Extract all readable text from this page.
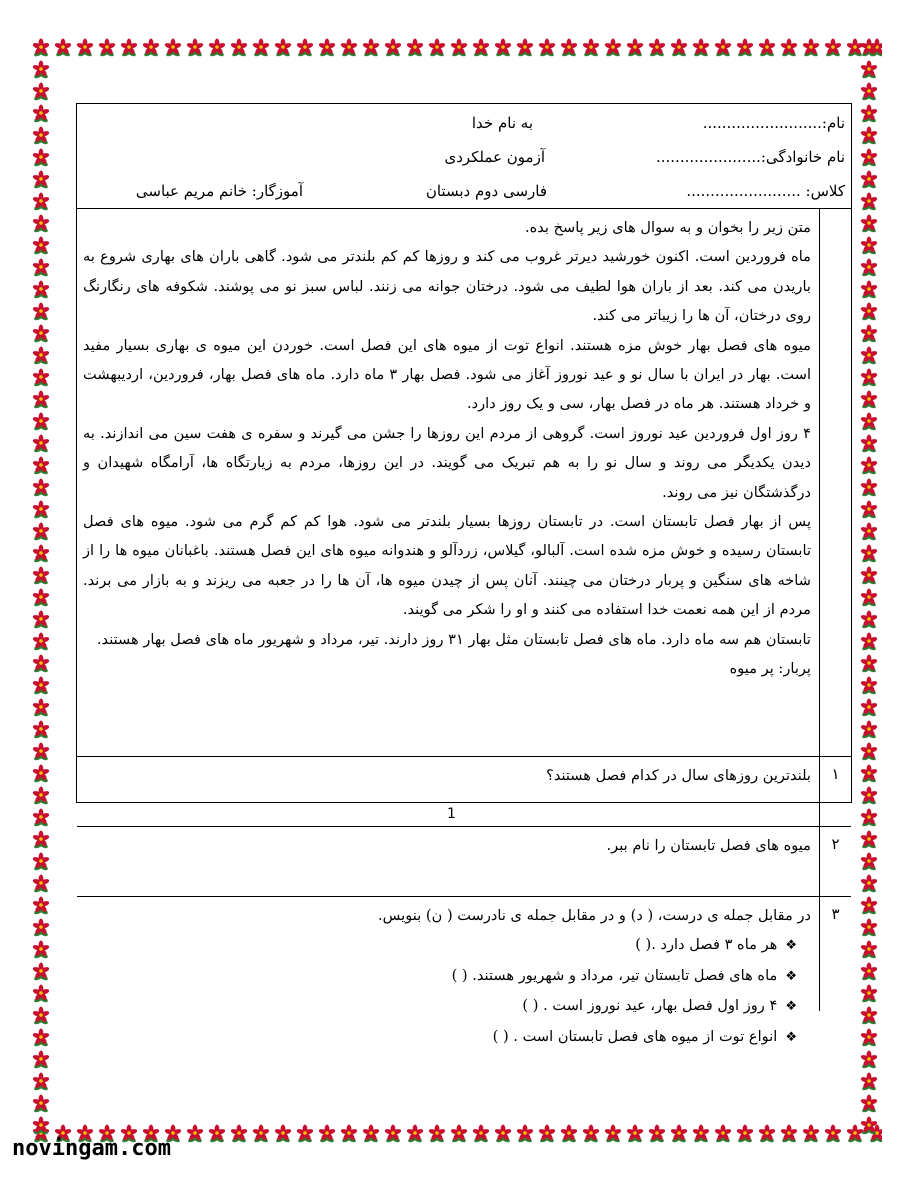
نام:.........................
به نام خدا
نام خانوادگی:......................
آزمون عملکردی
کلاس: ........................
فارسی دوم دبستان
آموزگار: خانم مریم عباسی

متن زیر را بخوان و به سوال های زیر پاسخ بده.

ماه فروردین است. اکنون خورشید دیرتر غروب می کند و روزها کم کم بلندتر می شود. گاهی باران های بهاری شروع به باریدن می کند. بعد از باران هوا لطیف می شود. درختان جوانه می زنند. لباس سبز نو می پوشند. شکوفه های رنگارنگ روی درختان، آن ها را زیباتر می کند.

میوه های فصل بهار خوش مزه هستند. انواع توت از میوه های این فصل است. خوردن این میوه ی بهاری بسیار مفید است. بهار در ایران با سال نو و عید نوروز آغاز می شود. فصل بهار ۳ ماه دارد. ماه های فصل بهار، فروردین، اردیبهشت و خرداد هستند. هر ماه در فصل بهار، سی و یک روز دارد.

۴ روز اول فروردین عید نوروز است. گروهی از مردم این روزها را جشن می گیرند و سفره ی هفت سین می اندازند. به دیدن یکدیگر می روند و سال نو را به هم تبریک می گویند. در این روزها، مردم به زیارتگاه ها، آرامگاه شهیدان و درگذشتگان نیز می روند.

پس از بهار فصل تابستان است. در تابستان روزها بسیار بلندتر می شود. هوا کم کم گرم می شود. میوه های فصل تابستان رسیده و خوش مزه شده است. آلبالو، گیلاس، زردآلو و هندوانه میوه های این فصل هستند. باغبانان میوه ها را از شاخه های سنگین و پربار درختان می چینند. آنان پس از چیدن میوه ها، آن ها را در جعبه می ریزند و به بازار می برند. مردم از این همه نعمت خدا استفاده می کنند و او را شکر می گویند.

تابستان هم سه ماه دارد. ماه های فصل تابستان مثل بهار ۳۱ روز دارند. تیر، مرداد و شهریور ماه های فصل بهار هستند.

پربار: پر میوه

۱

بلندترین روزهای سال در کدام فصل هستند؟

۲

میوه های فصل تابستان را نام ببر.

۳

در مقابل جمله ی درست، ( د) و در مقابل جمله ی نادرست ( ن) بنویس.

❖هر ماه ۳ فصل دارد .( )

❖ماه های فصل تابستان تیر، مرداد و شهریور هستند. ( )

❖۴ روز اول فصل بهار، عید نوروز است . ( )

❖انواع توت از میوه های فصل تابستان است . ( )

1
novingam.com
